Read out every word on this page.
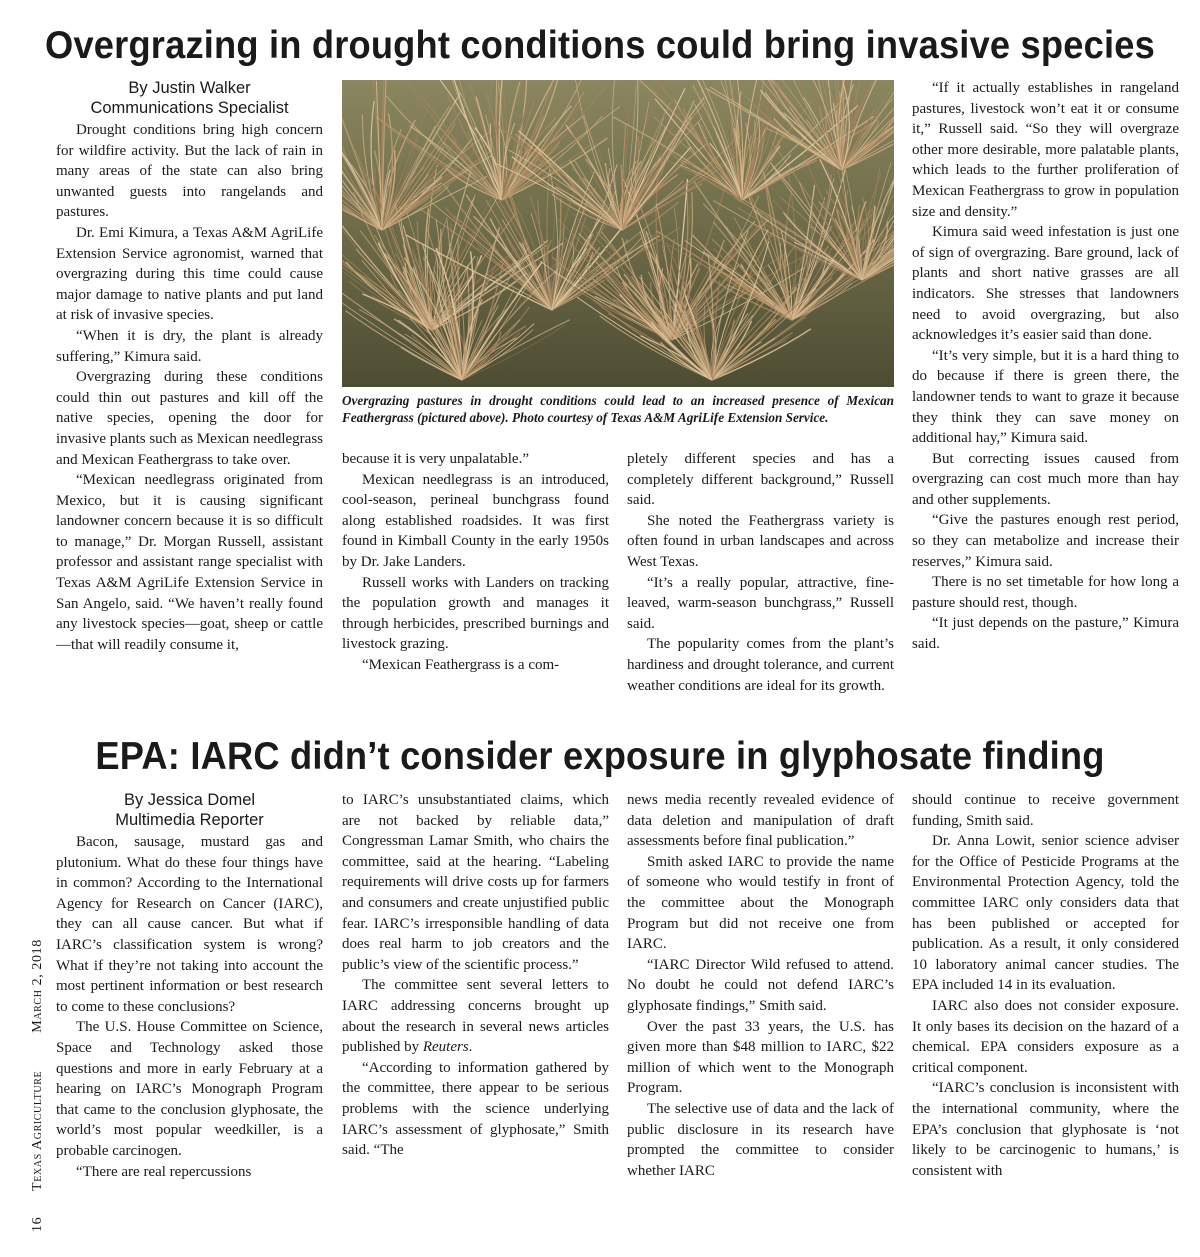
16 Texas Agriculture March 2, 2018
Overgrazing in drought conditions could bring invasive species
By Justin Walker
Communications Specialist

Drought conditions bring high concern for wildfire activity. But the lack of rain in many areas of the state can also bring unwanted guests into rangelands and pastures.

Dr. Emi Kimura, a Texas A&M AgriLife Extension Service agronomist, warned that overgrazing during this time could cause major damage to native plants and put land at risk of invasive species.

“When it is dry, the plant is already suffering,” Kimura said.

Overgrazing during these conditions could thin out pastures and kill off the native species, opening the door for invasive plants such as Mexican needlegrass and Mexican Feathergrass to take over.

“Mexican needlegrass originated from Mexico, but it is causing significant landowner concern because it is so difficult to manage,” Dr. Morgan Russell, assistant professor and assistant range specialist with Texas A&M AgriLife Extension Service in San Angelo, said. “We haven’t really found any livestock species—goat, sheep or cattle—that will readily consume it,

Overgrazing pastures in drought conditions could lead to an increased presence of Mexican Feathergrass (pictured above). Photo courtesy of Texas A&M AgriLife Extension Service.

because it is very unpalatable.”

Mexican needlegrass is an introduced, cool-season, perineal bunchgrass found along established roadsides. It was first found in Kimball County in the early 1950s by Dr. Jake Landers.

Russell works with Landers on tracking the population growth and manages it through herbicides, prescribed burnings and livestock grazing.

“Mexican Feathergrass is a com-

pletely different species and has a completely different background,” Russell said.

She noted the Feathergrass variety is often found in urban landscapes and across West Texas.

“It’s a really popular, attractive, fine-leaved, warm-season bunchgrass,” Russell said.

The popularity comes from the plant’s hardiness and drought tolerance, and current weather conditions are ideal for its growth.

“If it actually establishes in rangeland pastures, livestock won’t eat it or consume it,” Russell said. “So they will overgraze other more desirable, more palatable plants, which leads to the further proliferation of Mexican Feathergrass to grow in population size and density.”

Kimura said weed infestation is just one of sign of overgrazing. Bare ground, lack of plants and short native grasses are all indicators. She stresses that landowners need to avoid overgrazing, but also acknowledges it’s easier said than done.

“It’s very simple, but it is a hard thing to do because if there is green there, the landowner tends to want to graze it because they think they can save money on additional hay,” Kimura said.

But correcting issues caused from overgrazing can cost much more than hay and other supplements.

“Give the pastures enough rest period, so they can metabolize and increase their reserves,” Kimura said.

There is no set timetable for how long a pasture should rest, though.

“It just depends on the pasture,” Kimura said.

EPA: IARC didn’t consider exposure in glyphosate finding
By Jessica Domel
Multimedia Reporter

Bacon, sausage, mustard gas and plutonium. What do these four things have in common? According to the International Agency for Research on Cancer (IARC), they can all cause cancer. But what if IARC’s classification system is wrong? What if they’re not taking into account the most pertinent information or best research to come to these conclusions?

The U.S. House Committee on Science, Space and Technology asked those questions and more in early February at a hearing on IARC’s Monograph Program that came to the conclusion glyphosate, the world’s most popular weedkiller, is a probable carcinogen.

“There are real repercussions

to IARC’s unsubstantiated claims, which are not backed by reliable data,” Congressman Lamar Smith, who chairs the committee, said at the hearing. “Labeling requirements will drive costs up for farmers and consumers and create unjustified public fear. IARC’s irresponsible handling of data does real harm to job creators and the public’s view of the scientific process.”

The committee sent several letters to IARC addressing concerns brought up about the research in several news articles published by Reuters.

“According to information gathered by the committee, there appear to be serious problems with the science underlying IARC’s assessment of glyphosate,” Smith said. “The

news media recently revealed evidence of data deletion and manipulation of draft assessments before final publication.”

Smith asked IARC to provide the name of someone who would testify in front of the committee about the Monograph Program but did not receive one from IARC.

“IARC Director Wild refused to attend. No doubt he could not defend IARC’s glyphosate findings,” Smith said.

Over the past 33 years, the U.S. has given more than $48 million to IARC, $22 million of which went to the Monograph Program.

The selective use of data and the lack of public disclosure in its research have prompted the committee to consider whether IARC

should continue to receive government funding, Smith said.

Dr. Anna Lowit, senior science adviser for the Office of Pesticide Programs at the Environmental Protection Agency, told the committee IARC only considers data that has been published or accepted for publication. As a result, it only considered 10 laboratory animal cancer studies. The EPA included 14 in its evaluation.

IARC also does not consider exposure. It only bases its decision on the hazard of a chemical. EPA considers exposure as a critical component.

“IARC’s conclusion is inconsistent with the international community, where the EPA’s conclusion that glyphosate is ‘not likely to be carcinogenic to humans,’ is consistent with
